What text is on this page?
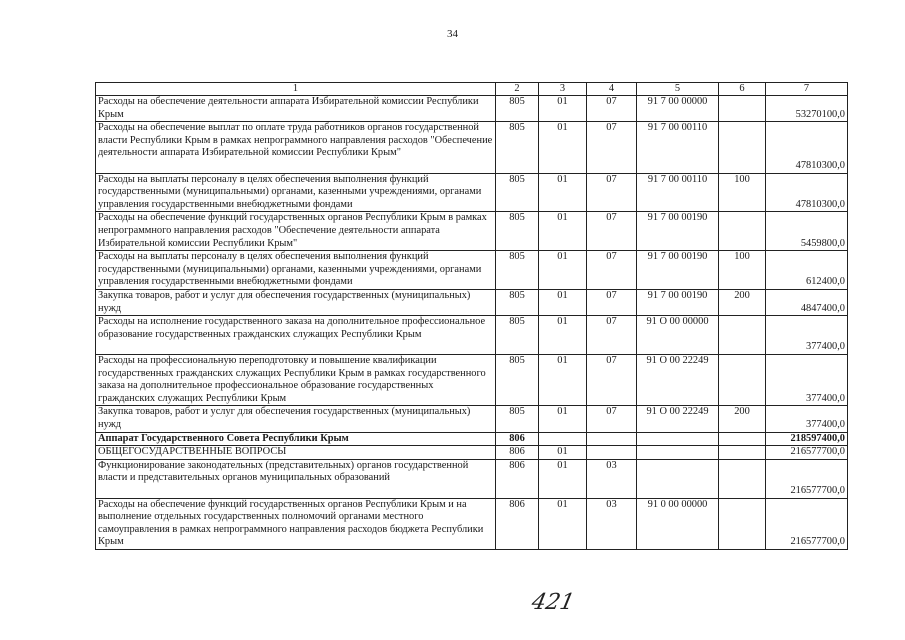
34
1	2	3	4	5	6	7
Расходы на обеспечение деятельности аппарата Избирательной комиссии Республики Крым	805	01	07	91 7 00 00000		53270100,0
Расходы на обеспечение выплат по оплате труда работников органов государственной власти Республики Крым в рамках непрограммного направления расходов "Обеспечение деятельности аппарата Избирательной комиссии Республики Крым"	805	01	07	91 7 00 00110		47810300,0
Расходы на выплаты персоналу в целях обеспечения выполнения функций государственными (муниципальными) органами, казенными учреждениями, органами управления государственными внебюджетными фондами	805	01	07	91 7 00 00110	100	47810300,0
Расходы на обеспечение функций государственных органов Республики Крым в рамках непрограммного направления расходов "Обеспечение деятельности аппарата Избирательной комиссии Республики Крым"	805	01	07	91 7 00 00190		5459800,0
Расходы на выплаты персоналу в целях обеспечения выполнения функций государственными (муниципальными) органами, казенными учреждениями, органами управления государственными внебюджетными фондами	805	01	07	91 7 00 00190	100	612400,0
Закупка товаров, работ и услуг для обеспечения государственных (муниципальных) нужд	805	01	07	91 7 00 00190	200	4847400,0
Расходы на исполнение государственного заказа на дополнительное профессиональное образование государственных гражданских служащих Республики Крым	805	01	07	91 О 00 00000		377400,0
Расходы на профессиональную переподготовку и повышение квалификации государственных гражданских служащих Республики Крым в рамках государственного заказа на дополнительное профессиональное образование государственных гражданских служащих Республики Крым	805	01	07	91 О 00 22249		377400,0
Закупка товаров, работ и услуг для обеспечения государственных (муниципальных) нужд	805	01	07	91 О 00 22249	200	377400,0
Аппарат Государственного Совета Республики Крым	806					218597400,0
ОБЩЕГОСУДАРСТВЕННЫЕ ВОПРОСЫ	806	01				216577700,0
Функционирование законодательных (представительных) органов государственной власти и представительных органов муниципальных образований	806	01	03			216577700,0
Расходы на обеспечение функций государственных органов Республики Крым и на выполнение отдельных государственных полномочий органами местного самоуправления в рамках непрограммного направления расходов бюджета Республики Крым	806	01	03	91 0 00 00000		216577700,0
421
